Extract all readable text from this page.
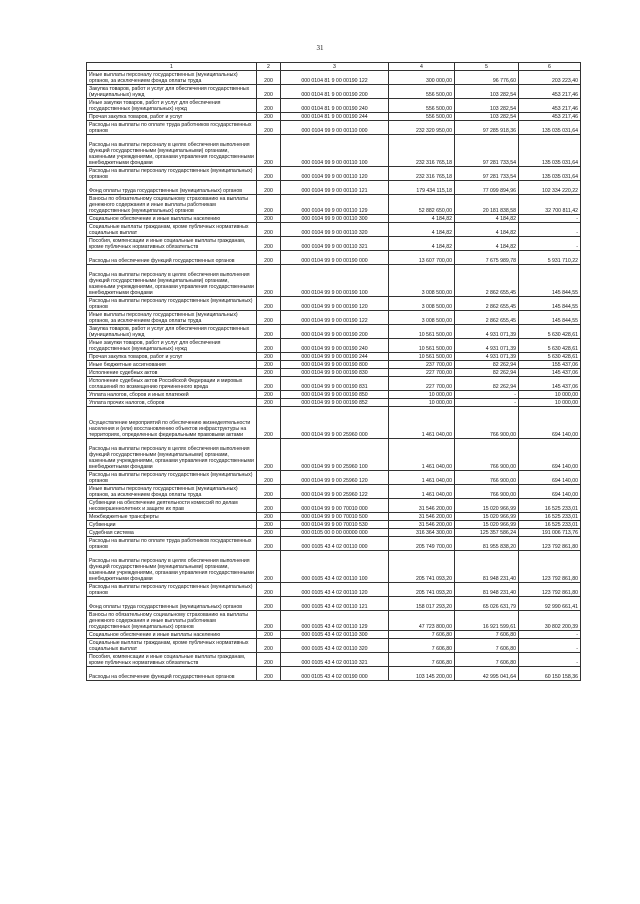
31
1	2	3	4	5	6
Иные выплаты персоналу государственных (муниципальных) органов, за исключением фонда оплаты труда	200	000 0104 81 9 00 00190 122	300 000,00	96 776,60	203 223,40
Закупка товаров, работ и услуг для обеспечения государственных (муниципальных) нужд	200	000 0104 81 9 00 00190 200	556 500,00	103 282,54	453 217,46
Иные закупки товаров, работ и услуг для обеспечения государственных (муниципальных) нужд	200	000 0104 81 9 00 00190 240	556 500,00	103 282,54	453 217,46
Прочая закупка товаров, работ и услуг	200	000 0104 81 9 00 00190 244	556 500,00	103 282,54	453 217,46
Расходы на выплаты по оплате труда работников государственных органов	200	000 0104 99 9 00 00110 000	232 320 950,00	97 285 918,36	135 035 031,64
Расходы на выплаты персоналу в целях обеспечения выполнения функций государственными (муниципальными) органами, казенными учреждениями, органами управления государственными внебюджетными фондами	200	000 0104 99 9 00 00110 100	232 316 765,18	97 281 733,54	135 035 031,64
Расходы на выплаты персоналу государственных (муниципальных) органов	200	000 0104 99 9 00 00110 120	232 316 765,18	97 281 733,54	135 035 031,64
Фонд оплаты труда государственных (муниципальных) органов	200	000 0104 99 9 00 00110 121	179 434 115,18	77 099 894,96	102 334 220,22
Взносы по обязательному социальному страхованию на выплаты денежного содержания и иные выплаты работникам государственных (муниципальных) органов	200	000 0104 99 9 00 00110 129	52 882 650,00	20 181 838,58	32 700 811,42
Социальное обеспечение и иные выплаты населению	200	000 0104 99 9 00 00110 300	4 184,82	4 184,82	-
Социальные выплаты гражданам, кроме публичных нормативных социальных выплат	200	000 0104 99 9 00 00110 320	4 184,82	4 184,82	-
Пособия, компенсации и иные социальные выплаты гражданам, кроме публичных нормативных обязательств	200	000 0104 99 9 00 00110 321	4 184,82	4 184,82	-
Расходы на обеспечение функций государственных органов	200	000 0104 99 9 00 00190 000	13 607 700,00	7 675 989,78	5 931 710,22
Расходы на выплаты персоналу в целях обеспечения выполнения функций государственными (муниципальными) органами, казенными учреждениями, органами управления государственными внебюджетными фондами	200	000 0104 99 9 00 00190 100	3 008 500,00	2 862 655,45	145 844,55
Расходы на выплаты персоналу государственных (муниципальных) органов	200	000 0104 99 9 00 00190 120	3 008 500,00	2 862 655,45	145 844,55
Иные выплаты персоналу государственных (муниципальных) органов, за исключением фонда оплаты труда	200	000 0104 99 9 00 00190 122	3 008 500,00	2 862 655,45	145 844,55
Закупка товаров, работ и услуг для обеспечения государственных (муниципальных) нужд	200	000 0104 99 9 00 00190 200	10 561 500,00	4 931 071,39	5 630 428,61
Иные закупки товаров, работ и услуг для обеспечения государственных (муниципальных) нужд	200	000 0104 99 9 00 00190 240	10 561 500,00	4 931 071,39	5 630 428,61
Прочая закупка товаров, работ и услуг	200	000 0104 99 9 00 00190 244	10 561 500,00	4 931 071,39	5 630 428,61
Иные бюджетные ассигнования	200	000 0104 99 9 00 00190 800	237 700,00	82 262,94	155 437,06
Исполнение судебных актов	200	000 0104 99 9 00 00190 830	227 700,00	82 262,94	145 437,06
Исполнение судебных актов Российской Федерации и мировых соглашений по возмещению причиненного вреда	200	000 0104 99 9 00 00190 831	227 700,00	82 262,94	145 437,06
Уплата налогов, сборов и иных платежей	200	000 0104 99 9 00 00190 850	10 000,00	-	10 000,00
Уплата прочих налогов, сборов	200	000 0104 99 9 00 00190 852	10 000,00	-	10 000,00
Осуществление мероприятий по обеспечению жизнедеятельности населения и (или) восстановлению объектов инфраструктуры на территориях, определенных федеральными правовыми актами	200	000 0104 99 9 00 25960 000	1 461 040,00	766 900,00	694 140,00
Расходы на выплаты персоналу в целях обеспечения выполнения функций государственными (муниципальными) органами, казенными учреждениями, органами управления государственными внебюджетными фондами	200	000 0104 99 9 00 25960 100	1 461 040,00	766 900,00	694 140,00
Расходы на выплаты персоналу государственных (муниципальных) органов	200	000 0104 99 9 00 25960 120	1 461 040,00	766 900,00	694 140,00
Иные выплаты персоналу государственных (муниципальных) органов, за исключением фонда оплаты труда	200	000 0104 99 9 00 25960 122	1 461 040,00	766 900,00	694 140,00
Субвенции на обеспечение деятельности комиссий по делам несовершеннолетних и защите их прав	200	000 0104 99 9 00 70010 000	31 546 200,00	15 020 966,99	16 525 233,01
Межбюджетные трансферты	200	000 0104 99 9 00 70010 500	31 546 200,00	15 020 966,99	16 525 233,01
Субвенции	200	000 0104 99 9 00 70010 530	31 546 200,00	15 020 966,99	16 525 233,01
Судебная система	200	000 0105 00 0 00 00000 000	316 364 300,00	125 357 586,24	191 006 713,76
Расходы на выплаты по оплате труда работников государственных органов	200	000 0105 43 4 02 00110 000	205 749 700,00	81 955 838,20	123 792 861,80
Расходы на выплаты персоналу в целях обеспечения выполнения функций государственными (муниципальными) органами, казенными учреждениями, органами управления государственными внебюджетными фондами	200	000 0105 43 4 02 00110 100	205 741 093,20	81 948 231,40	123 792 861,80
Расходы на выплаты персоналу государственных (муниципальных) органов	200	000 0105 43 4 02 00110 120	205 741 093,20	81 948 231,40	123 792 861,80
Фонд оплаты труда государственных (муниципальных) органов	200	000 0105 43 4 02 00110 121	158 017 293,20	65 026 631,79	92 990 661,41
Взносы по обязательному социальному страхованию на выплаты денежного содержания и иные выплаты работникам государственных (муниципальных) органов	200	000 0105 43 4 02 00110 129	47 723 800,00	16 921 599,61	30 802 200,39
Социальное обеспечение и иные выплаты населению	200	000 0105 43 4 02 00110 300	7 606,80	7 606,80	-
Социальные выплаты гражданам, кроме публичных нормативных социальных выплат	200	000 0105 43 4 02 00110 320	7 606,80	7 606,80	-
Пособия, компенсации и иные социальные выплаты гражданам, кроме публичных нормативных обязательств	200	000 0105 43 4 02 00110 321	7 606,80	7 606,80	-
Расходы на обеспечение функций государственных органов	200	000 0105 43 4 02 00190 000	103 145 200,00	42 995 041,64	60 150 158,36
